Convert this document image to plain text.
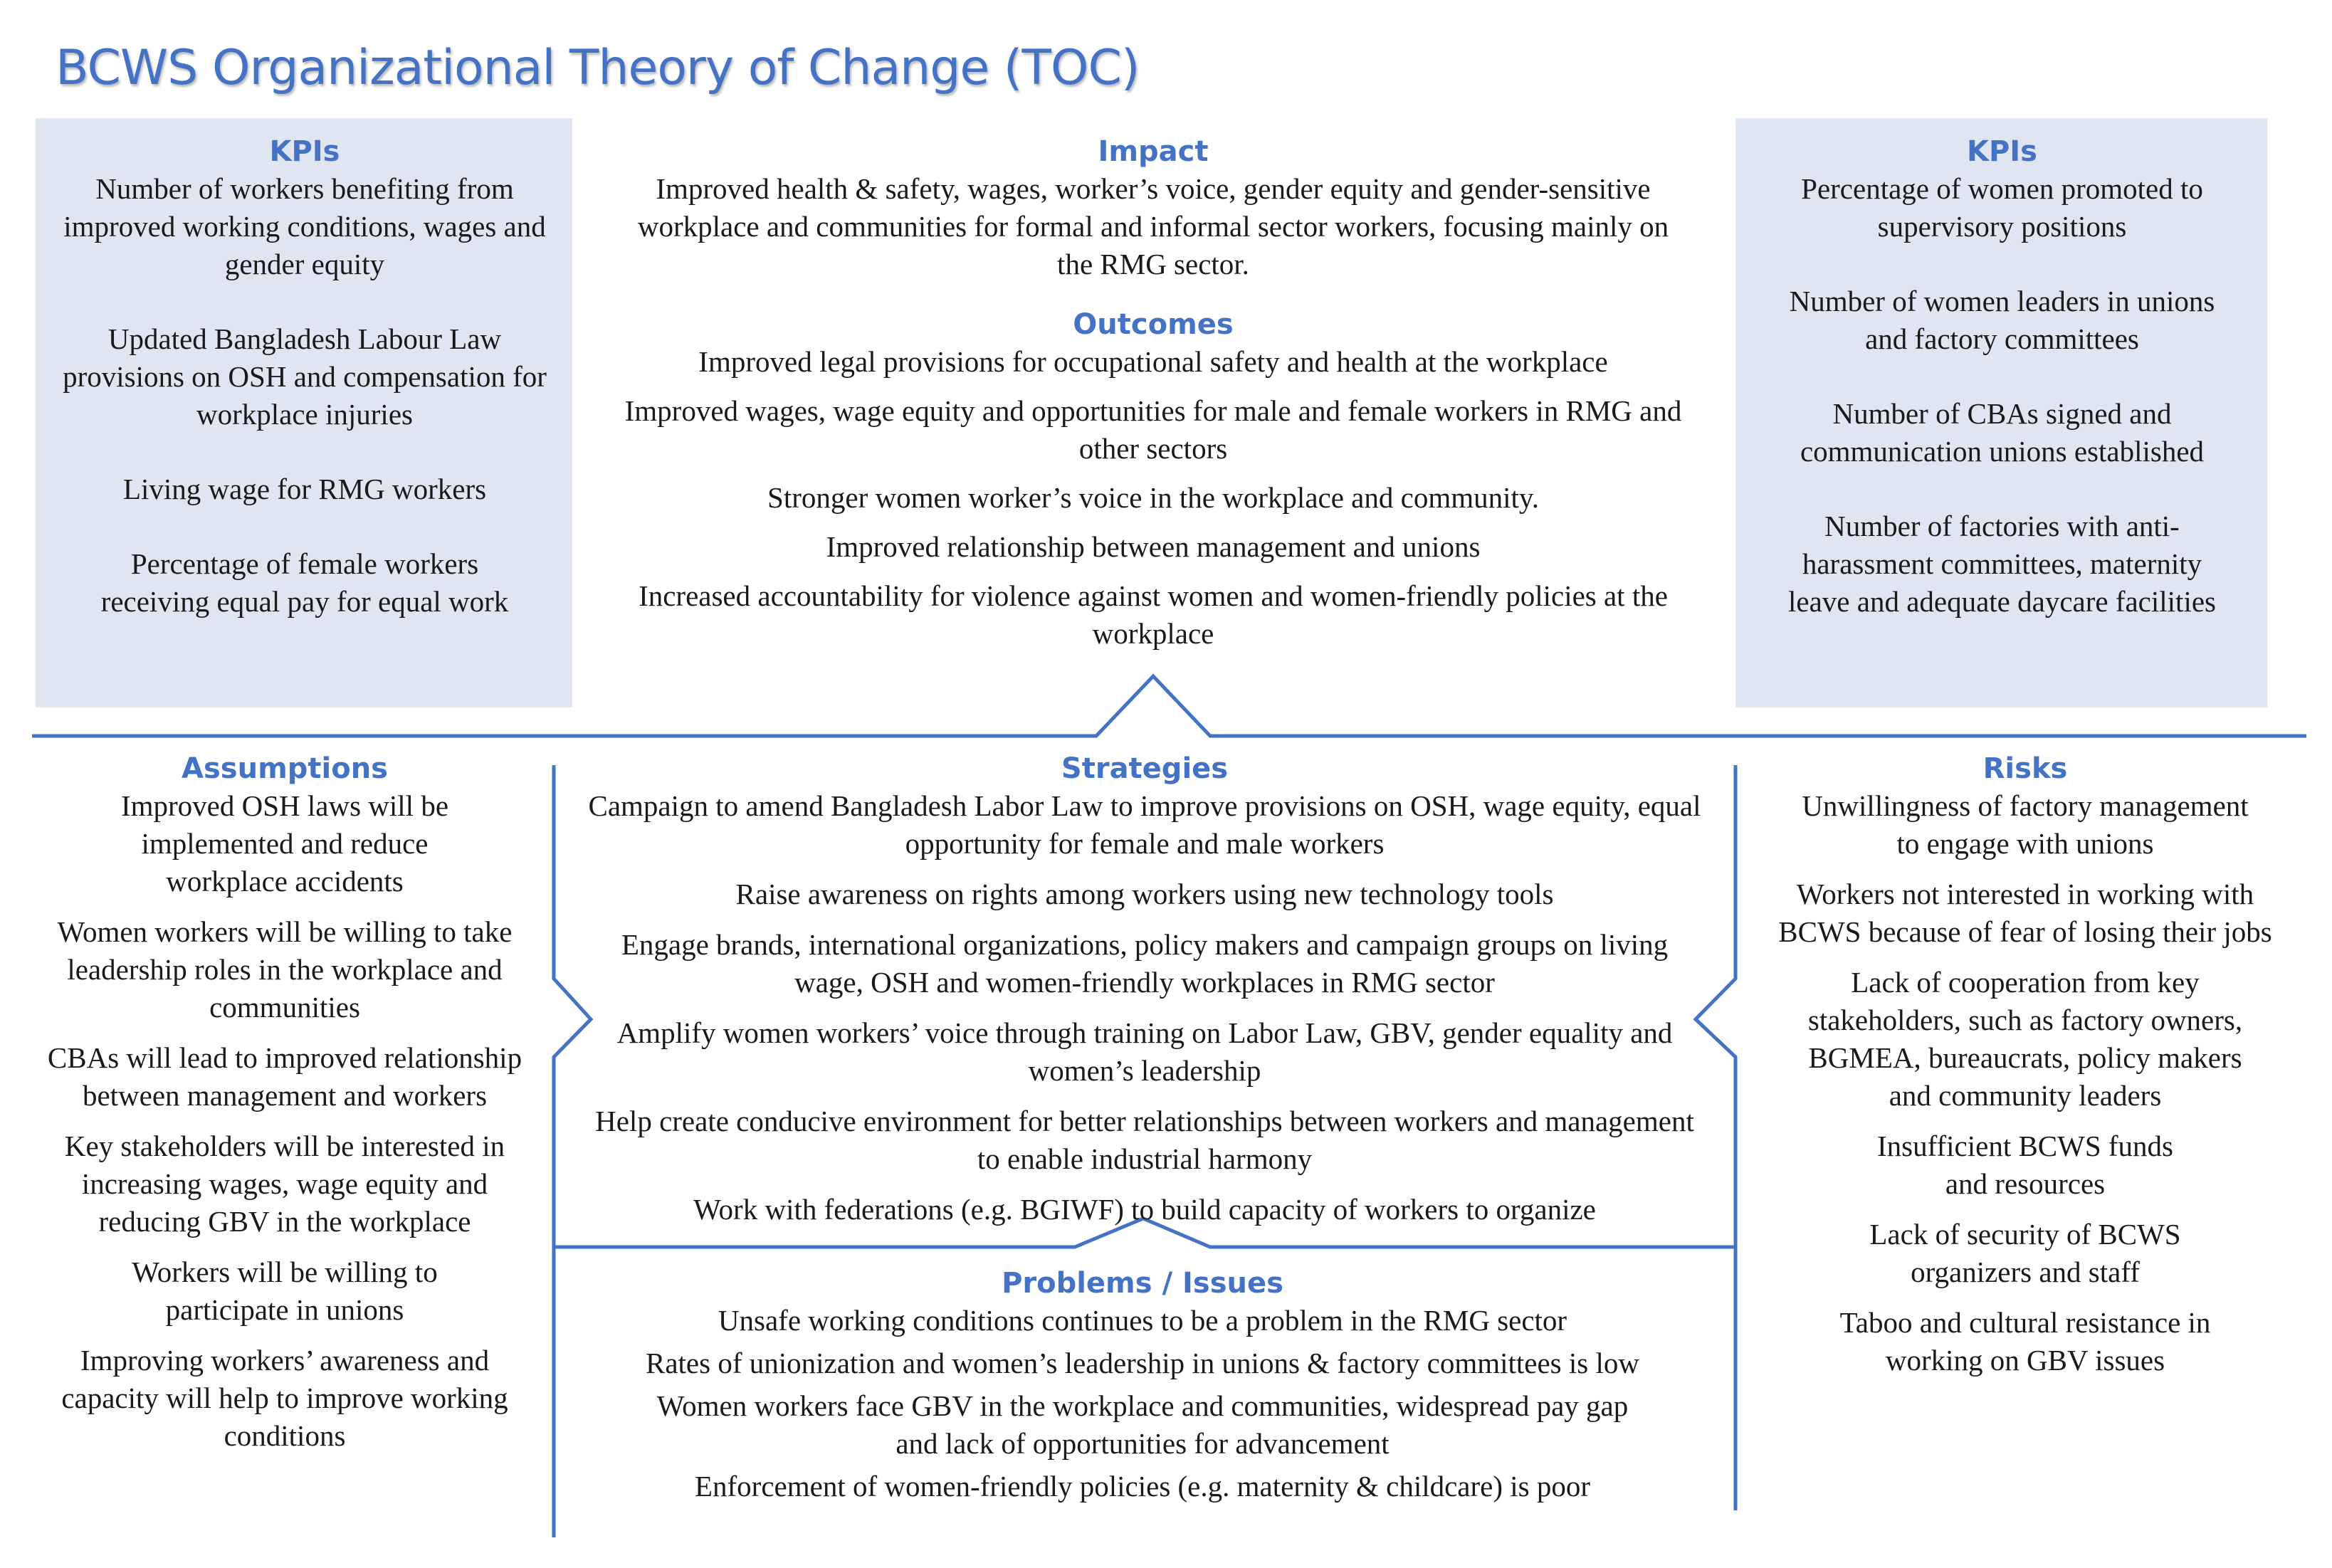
BCWS Organizational Theory of Change (TOC)
KPIs
Number of workers benefiting from improved working conditions, wages and gender equity
Updated Bangladesh Labour Law provisions on OSH and compensation for workplace injuries
Living wage for RMG workers
Percentage of female workers receiving equal pay for equal work
Impact
Improved health & safety, wages, worker’s voice, gender equity and gender-sensitive workplace and communities for formal and informal sector workers, focusing mainly on the RMG sector.
Outcomes
Improved legal provisions for occupational safety and health at the workplace
Improved wages, wage equity and opportunities for male and female workers in RMG and other sectors
Stronger women worker’s voice in the workplace and community.
Improved relationship between management and unions
Increased accountability for violence against women and women-friendly policies at the workplace
KPIs
Percentage of women promoted to supervisory positions
Number of women leaders in unions and factory committees
Number of CBAs signed and communication unions established
Number of factories with anti-harassment committees, maternity leave and adequate daycare facilities
Assumptions
Improved OSH laws will be implemented and reduce workplace accidents
Women workers will be willing to take leadership roles in the workplace and communities
CBAs will lead to improved relationship between management and workers
Key stakeholders will be interested in increasing wages, wage equity and reducing GBV in the workplace
Workers will be willing to participate in unions
Improving workers’ awareness and capacity will help to improve working conditions
Strategies
Campaign to amend Bangladesh Labor Law to improve provisions on OSH, wage equity, equal opportunity for female and male workers
Raise awareness on rights among workers using new technology tools
Engage brands, international organizations, policy makers and campaign groups on living wage, OSH and women-friendly workplaces in RMG sector
Amplify women workers’ voice through training on Labor Law, GBV, gender equality and women’s leadership
Help create conducive environment for better relationships between workers and management to enable industrial harmony
Work with federations (e.g. BGIWF) to build capacity of workers to organize
Risks
Unwillingness of factory management to engage with unions
Workers not interested in working with BCWS because of fear of losing their jobs
Lack of cooperation from key stakeholders, such as factory owners, BGMEA, bureaucrats, policy makers and community leaders
Insufficient BCWS funds and resources
Lack of security of BCWS organizers and staff
Taboo and cultural resistance in working on GBV issues
Problems / Issues
Unsafe working conditions continues to be a problem in the RMG sector
Rates of unionization and women’s leadership in unions & factory committees is low
Women workers face GBV in the workplace and communities, widespread pay gap and lack of opportunities for advancement
Enforcement of women-friendly policies (e.g. maternity & childcare) is poor
